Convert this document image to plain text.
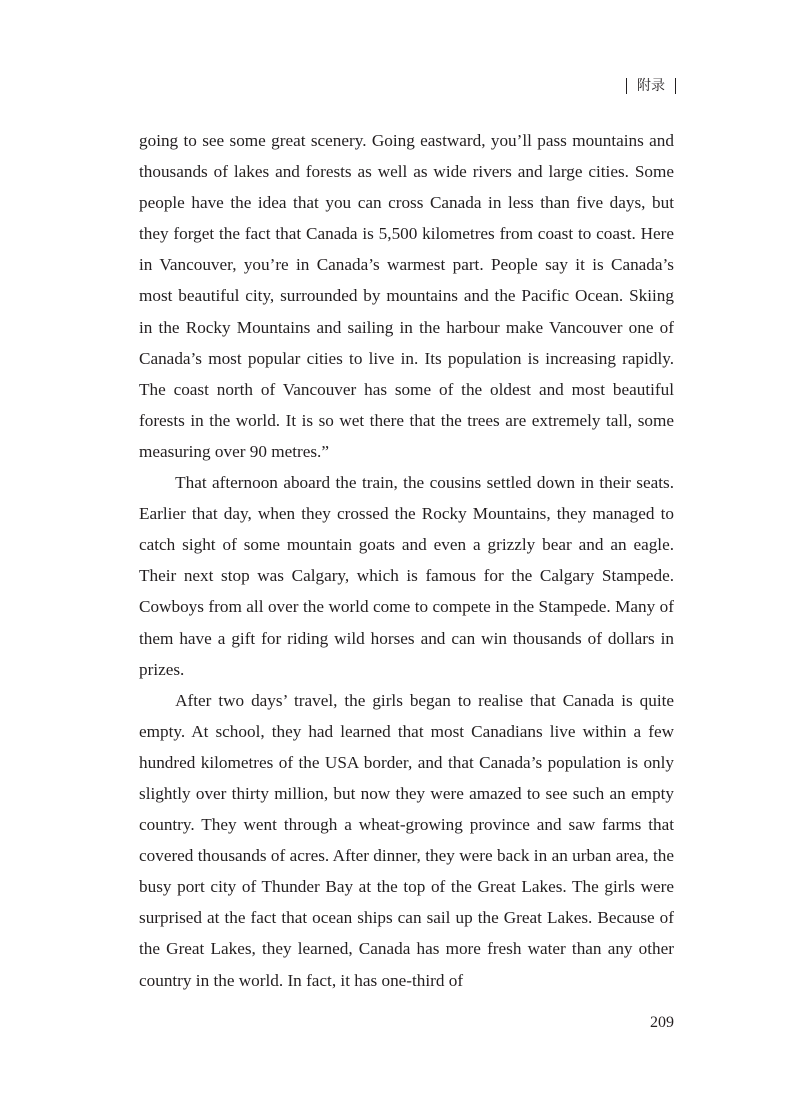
附录

going to see some great scenery. Going eastward, you’ll pass mountains and thousands of lakes and forests as well as wide rivers and large cities. Some people have the idea that you can cross Canada in less than five days, but they forget the fact that Canada is 5,500 kilometres from coast to coast. Here in Vancouver, you’re in Canada’s warmest part. People say it is Canada’s most beautiful city, surrounded by mountains and the Pacific Ocean. Skiing in the Rocky Mountains and sailing in the harbour make Vancouver one of Canada’s most popular cities to live in. Its population is increasing rapidly. The coast north of Vancouver has some of the oldest and most beautiful forests in the world. It is so wet there that the trees are extremely tall, some measuring over 90 metres.”

That afternoon aboard the train, the cousins settled down in their seats. Earlier that day, when they crossed the Rocky Mountains, they managed to catch sight of some mountain goats and even a grizzly bear and an eagle. Their next stop was Calgary, which is famous for the Calgary Stampede. Cowboys from all over the world come to compete in the Stampede. Many of them have a gift for riding wild horses and can win thousands of dollars in prizes.

After two days’ travel, the girls began to realise that Canada is quite empty. At school, they had learned that most Canadians live within a few hundred kilometres of the USA border, and that Canada’s population is only slightly over thirty million, but now they were amazed to see such an empty country. They went through a wheat-growing province and saw farms that covered thousands of acres. After dinner, they were back in an urban area, the busy port city of Thunder Bay at the top of the Great Lakes. The girls were surprised at the fact that ocean ships can sail up the Great Lakes. Because of the Great Lakes, they learned, Canada has more fresh water than any other country in the world. In fact, it has one-third of

209
